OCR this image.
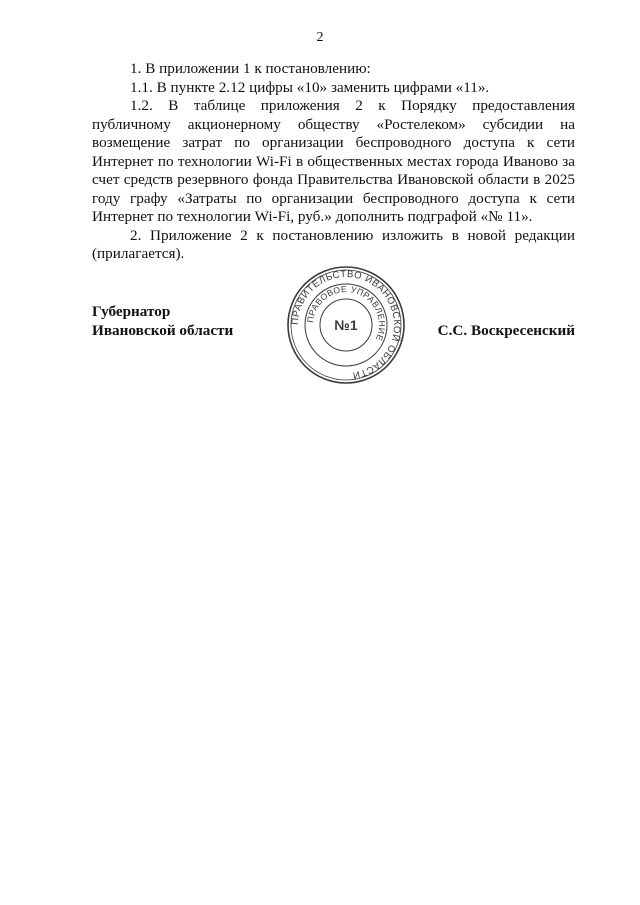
2

1. В приложении 1 к постановлению:

1.1. В пункте 2.12 цифры «10» заменить цифрами «11».

1.2. В таблице приложения 2 к Порядку предоставления публичному акционерному обществу «Ростелеком» субсидии на возмещение затрат по организации беспроводного доступа к сети Интернет по технологии Wi-Fi в общественных местах города Иваново за счет средств резервного фонда Правительства Ивановской области в 2025 году графу «Затраты по организации беспроводного доступа к сети Интернет по технологии Wi-Fi, руб.» дополнить подграфой «№ 11».

2. Приложение 2 к постановлению изложить в новой редакции (прилагается).

Губернатор
Ивановской области	С.С. Воскресенский
ПРАВИТЕЛЬСТВО ИВАНОВСКОЙ ОБЛАСТИ
ПРАВОВОЕ УПРАВЛЕНИЕ
№1
